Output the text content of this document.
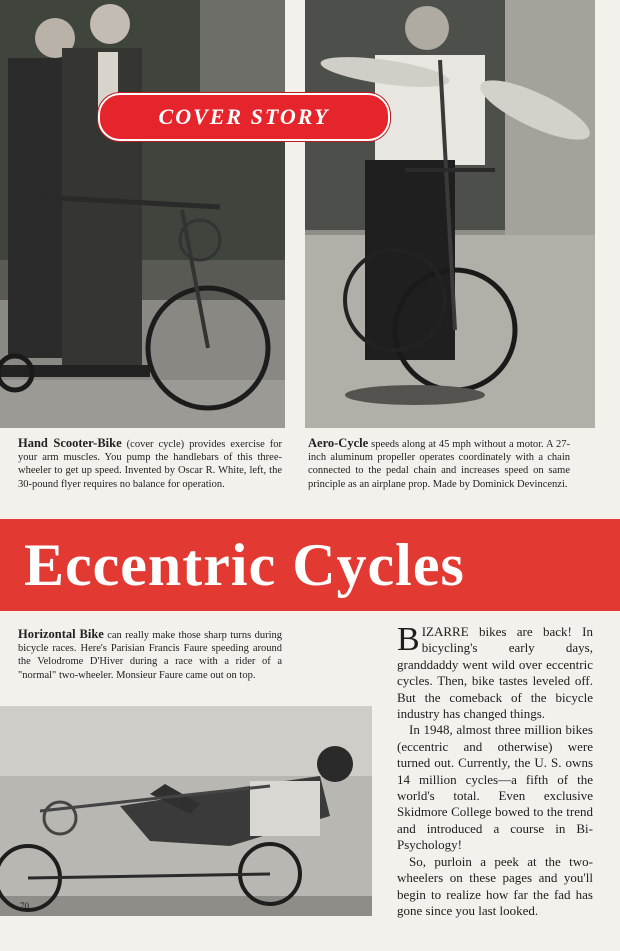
COVER STORY
Hand Scooter-Bike (cover cycle) provides exercise for your arm muscles. You pump the handlebars of this three-wheeler to get up speed. Invented by Oscar R. White, left, the 30-pound flyer requires no balance for operation.
Aero-Cycle speeds along at 45 mph without a motor. A 27-inch aluminum propeller operates coordinately with a chain connected to the pedal chain and increases speed on same principle as an airplane prop. Made by Dominick Devincenzi.
Eccentric Cycles
Horizontal Bike can really make those sharp turns during bicycle races. Here's Parisian Francis Faure speeding around the Velodrome D'Hiver during a race with a rider of a "normal" two-wheeler. Monsieur Faure came out on top.

BIZARRE bikes are back! In bicycling's early days, granddaddy went wild over eccentric cycles. Then, bike tastes leveled off. But the comeback of the bicycle industry has changed things.

In 1948, almost three million bikes (eccentric and otherwise) were turned out. Currently, the U. S. owns 14 million cycles—a fifth of the world's total. Even exclusive Skidmore College bowed to the trend and introduced a course in Bi-Psychology!

So, purloin a peek at the two-wheelers on these pages and you'll begin to realize how far the fad has gone since you last looked.

70
